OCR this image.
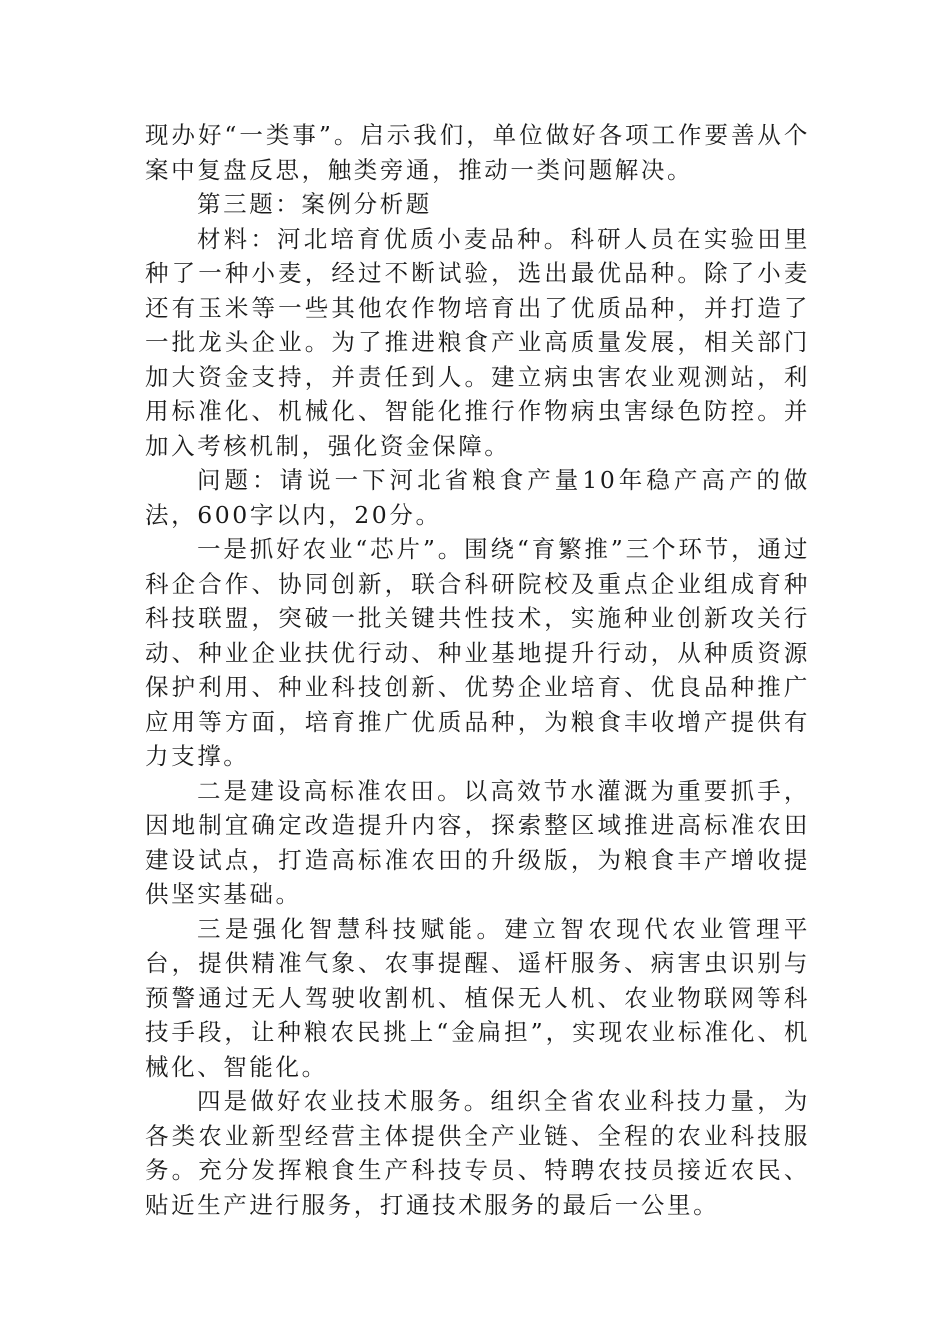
现办好“一类事”。启示我们，单位做好各项工作要善从个案中复盘反思，触类旁通，推动一类问题解决。

第三题：案例分析题

材料：河北培育优质小麦品种。科研人员在实验田里种了一种小麦，经过不断试验，选出最优品种。除了小麦还有玉米等一些其他农作物培育出了优质品种，并打造了一批龙头企业。为了推进粮食产业高质量发展，相关部门加大资金支持，并责任到人。建立病虫害农业观测站，利用标准化、机械化、智能化推行作物病虫害绿色防控。并加入考核机制，强化资金保障。

问题：请说一下河北省粮食产量10年稳产高产的做法，600字以内，20分。

一是抓好农业“芯片”。围绕“育繁推”三个环节，通过科企合作、协同创新，联合科研院校及重点企业组成育种科技联盟，突破一批关键共性技术，实施种业创新攻关行动、种业企业扶优行动、种业基地提升行动，从种质资源保护利用、种业科技创新、优势企业培育、优良品种推广应用等方面，培育推广优质品种，为粮食丰收增产提供有力支撑。

二是建设高标准农田。以高效节水灌溉为重要抓手，因地制宜确定改造提升内容，探索整区域推进高标准农田建设试点，打造高标准农田的升级版，为粮食丰产增收提供坚实基础。

三是强化智慧科技赋能。建立智农现代农业管理平台，提供精准气象、农事提醒、遥杆服务、病害虫识别与预警通过无人驾驶收割机、植保无人机、农业物联网等科技手段，让种粮农民挑上“金扁担”，实现农业标准化、机械化、智能化。

四是做好农业技术服务。组织全省农业科技力量，为各类农业新型经营主体提供全产业链、全程的农业科技服务。充分发挥粮食生产科技专员、特聘农技员接近农民、贴近生产进行服务，打通技术服务的最后一公里。
